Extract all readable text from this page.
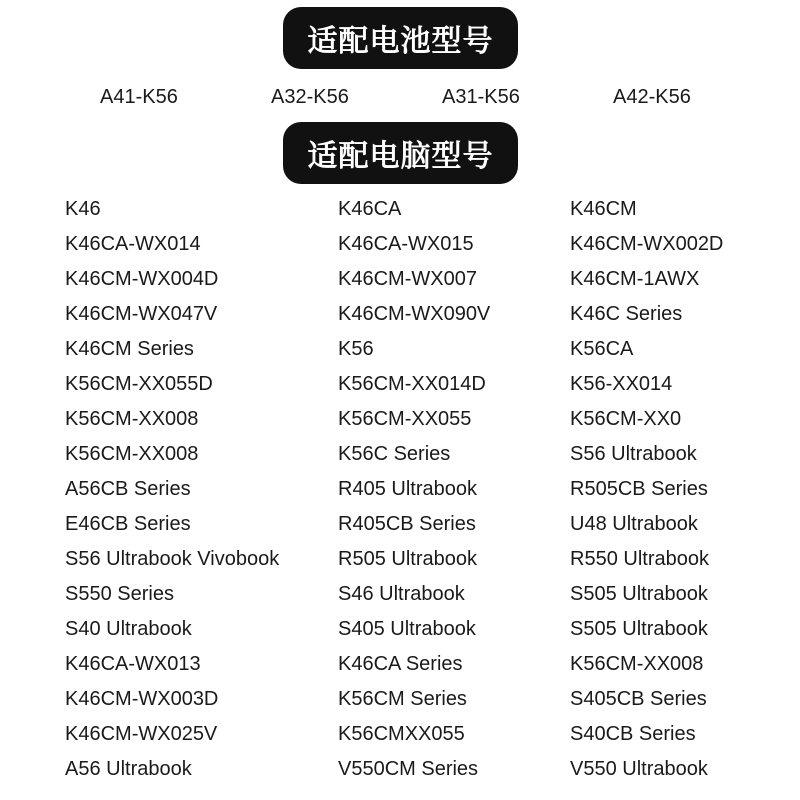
适配电池型号
A41-K56	A32-K56	A31-K56	A42-K56
适配电脑型号
K46	K46CA	K46CM
K46CA-WX014	K46CA-WX015	K46CM-WX002D
K46CM-WX004D	K46CM-WX007	K46CM-1AWX
K46CM-WX047V	K46CM-WX090V	K46C Series
K46CM Series	K56	K56CA
K56CM-XX055D	K56CM-XX014D	K56-XX014
K56CM-XX008	K56CM-XX055	K56CM-XX0
K56CM-XX008	K56C Series	S56 Ultrabook
A56CB Series	R405 Ultrabook	R505CB Series
E46CB Series	R405CB Series	U48 Ultrabook
S56 Ultrabook Vivobook	R505 Ultrabook	R550 Ultrabook
S550 Series	S46 Ultrabook	S505 Ultrabook
S40 Ultrabook	S405 Ultrabook	S505 Ultrabook
K46CA-WX013	K46CA Series	K56CM-XX008
K46CM-WX003D	K56CM Series	S405CB Series
K46CM-WX025V	K56CMXX055	S40CB Series
A56 Ultrabook	V550CM Series	V550 Ultrabook
